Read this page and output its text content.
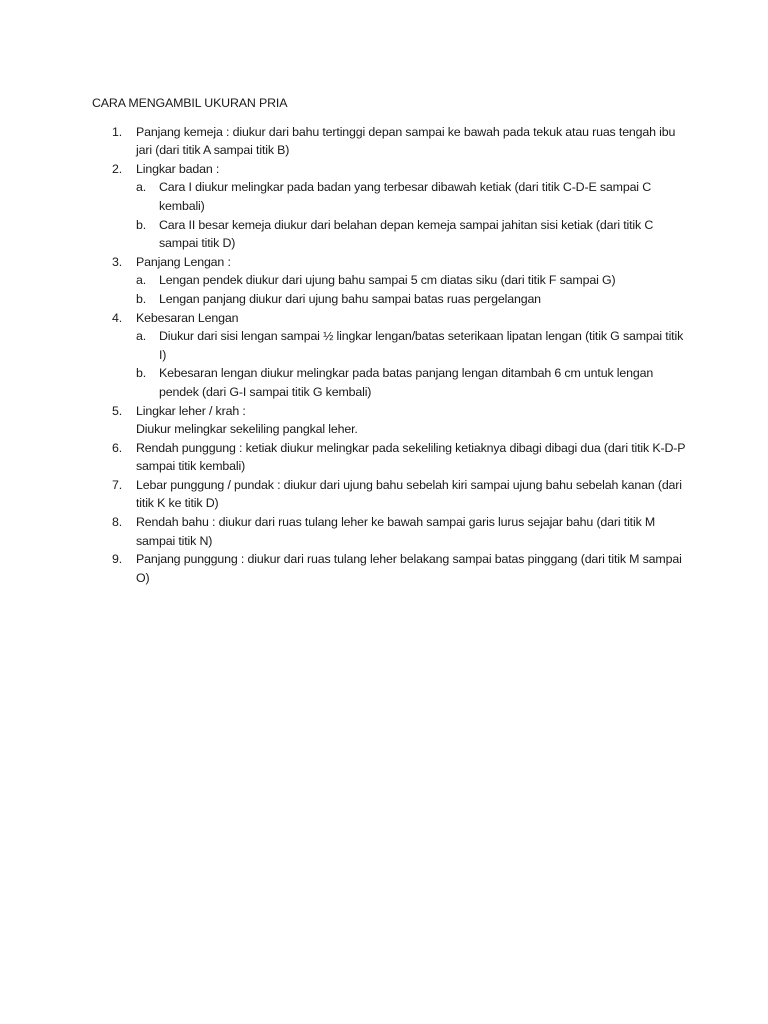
CARA MENGAMBIL UKURAN PRIA
1. Panjang kemeja : diukur dari bahu tertinggi depan sampai ke bawah pada tekuk atau ruas tengah ibu jari (dari titik A sampai titik B)
2. Lingkar badan :
a. Cara I diukur melingkar pada badan yang terbesar dibawah ketiak (dari titik C-D-E sampai C kembali)
b. Cara II besar kemeja diukur dari belahan depan kemeja sampai jahitan sisi ketiak (dari titik C sampai titik D)
3. Panjang Lengan :
a. Lengan pendek diukur dari ujung bahu sampai 5 cm diatas siku (dari titik F sampai G)
b. Lengan panjang diukur dari ujung bahu sampai batas ruas pergelangan
4. Kebesaran Lengan
a. Diukur dari sisi lengan sampai ½ lingkar lengan/batas seterikaan lipatan lengan (titik G sampai titik I)
b. Kebesaran lengan diukur melingkar pada batas panjang lengan ditambah 6 cm untuk lengan pendek (dari G-I sampai titik G kembali)
5. Lingkar leher / krah :
Diukur melingkar sekeliling pangkal leher.
6. Rendah punggung : ketiak diukur melingkar pada sekeliling ketiaknya dibagi dibagi dua (dari titik K-D-P sampai titik kembali)
7. Lebar punggung / pundak : diukur dari ujung bahu sebelah kiri sampai ujung bahu sebelah kanan (dari titik K ke titik D)
8. Rendah bahu : diukur dari ruas tulang leher ke bawah sampai garis lurus sejajar bahu (dari titik M sampai titik N)
9. Panjang punggung : diukur dari ruas tulang leher belakang sampai batas pinggang (dari titik M sampai O)
